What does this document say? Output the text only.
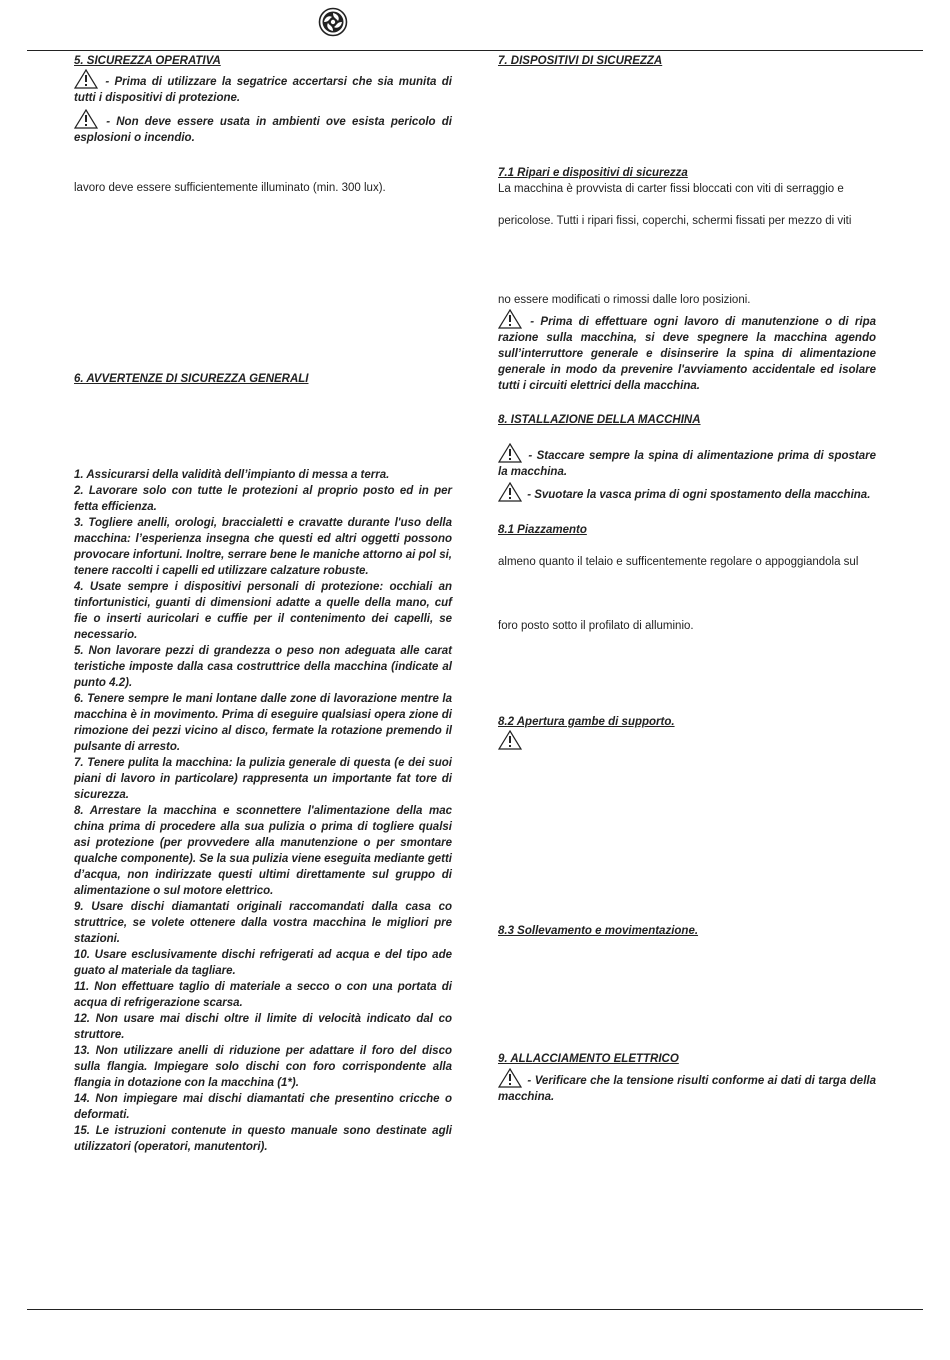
5. SICUREZZA OPERATIVA

- Prima di utilizzare la segatrice accertarsi che sia munita di tutti i dispositivi di protezione.

- Non deve essere usata in ambienti ove esista pericolo di esplosioni o incendio.

lavoro deve essere sufficientemente illuminato (min. 300 lux).

6. AVVERTENZE DI SICUREZZA GENERALI

1. Assicurarsi della validità dell’impianto di messa a terra.

2. Lavorare solo con tutte le protezioni al proprio posto ed in per fetta efficienza.

3. Togliere anelli, orologi, braccialetti e cravatte durante l'uso della macchina: l’esperienza insegna che questi ed altri oggetti possono provocare infortuni. Inoltre, serrare bene le maniche attorno ai pol si, tenere raccolti i capelli ed utilizzare calzature robuste.

4. Usate sempre i dispositivi personali di protezione: occhiali an tinfortunistici, guanti di dimensioni adatte a quelle della mano, cuf fie o inserti auricolari e cuffie per il contenimento dei capelli, se necessario.

5. Non lavorare pezzi di grandezza o peso non adeguata alle carat teristiche imposte dalla casa costruttrice della macchina (indicate al punto 4.2).

6. Tenere sempre le mani lontane dalle zone di lavorazione mentre la macchina è in movimento. Prima di eseguire qualsiasi opera zione di rimozione dei pezzi vicino al disco, fermate la rotazione premendo il pulsante di arresto.

7. Tenere pulita la macchina: la pulizia generale di questa (e dei suoi piani di lavoro in particolare) rappresenta un importante fat tore di sicurezza.

8. Arrestare la macchina e sconnettere l'alimentazione della mac china prima di procedere alla sua pulizia o prima di togliere qualsi asi protezione (per provvedere alla manutenzione o per smontare qualche componente). Se la sua pulizia viene eseguita mediante getti d’acqua, non indirizzate questi ultimi direttamente sul gruppo di alimentazione o sul motore elettrico.

9. Usare dischi diamantati originali raccomandati dalla casa co struttrice, se volete ottenere dalla vostra macchina le migliori pre stazioni.

10. Usare esclusivamente dischi refrigerati ad acqua e del tipo ade guato al materiale da tagliare.

11. Non effettuare taglio di materiale a secco o con una portata di acqua di refrigerazione scarsa.

12. Non usare mai dischi oltre il limite di velocità indicato dal co struttore.

13. Non utilizzare anelli di riduzione per adattare il foro del disco sulla flangia. Impiegare solo dischi con foro corrispondente alla flangia in dotazione con la macchina (1*).

14. Non impiegare mai dischi diamantati che presentino cricche o deformati.

15. Le istruzioni contenute in questo manuale sono destinate agli utilizzatori (operatori, manutentori).

7. DISPOSITIVI DI SICUREZZA
7.1 Ripari e dispositivi di sicurezza

La macchina è provvista di carter fissi bloccati con viti di serraggio e

pericolose. Tutti i ripari fissi, coperchi, schermi fissati per mezzo di viti

no essere modificati o rimossi dalle loro posizioni.

- Prima di effettuare ogni lavoro di manutenzione o di ripa razione sulla macchina, si deve spegnere la macchina agendo sull’interruttore generale e disinserire la spina di alimentazione generale in modo da prevenire l'avviamento accidentale ed isolare tutti i circuiti elettrici della macchina.

8. ISTALLAZIONE DELLA MACCHINA

- Staccare sempre la spina di alimentazione prima di spostare la macchina.

- Svuotare la vasca prima di ogni spostamento della macchina.

8.1 Piazzamento

almeno quanto il telaio e sufficentemente regolare o appoggiandola sul

foro posto sotto il profilato di alluminio.

8.2 Apertura gambe di supporto.
8.3 Sollevamento e movimentazione.
9. ALLACCIAMENTO ELETTRICO

- Verificare che la tensione risulti conforme ai dati di targa della macchina.
